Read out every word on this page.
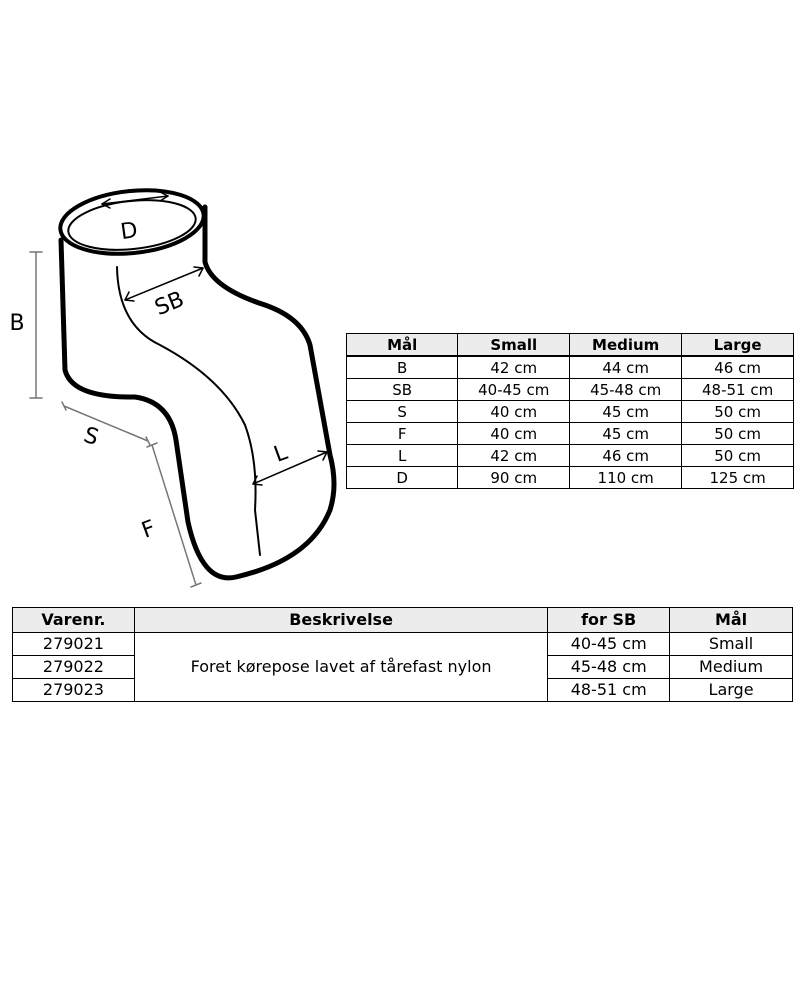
D
SB
B
S
L
F
Mål	Small	Medium	Large
B	42 cm	44 cm	46 cm
SB	40-45 cm	45-48 cm	48-51 cm
S	40 cm	45 cm	50 cm
F	40 cm	45 cm	50 cm
L	42 cm	46 cm	50 cm
D	90 cm	110 cm	125 cm
Varenr.	Beskrivelse	for SB	Mål
279021	Foret kørepose lavet af tårefast nylon	40-45 cm	Small
279022		45-48 cm	Medium
279023		48-51 cm	Large
